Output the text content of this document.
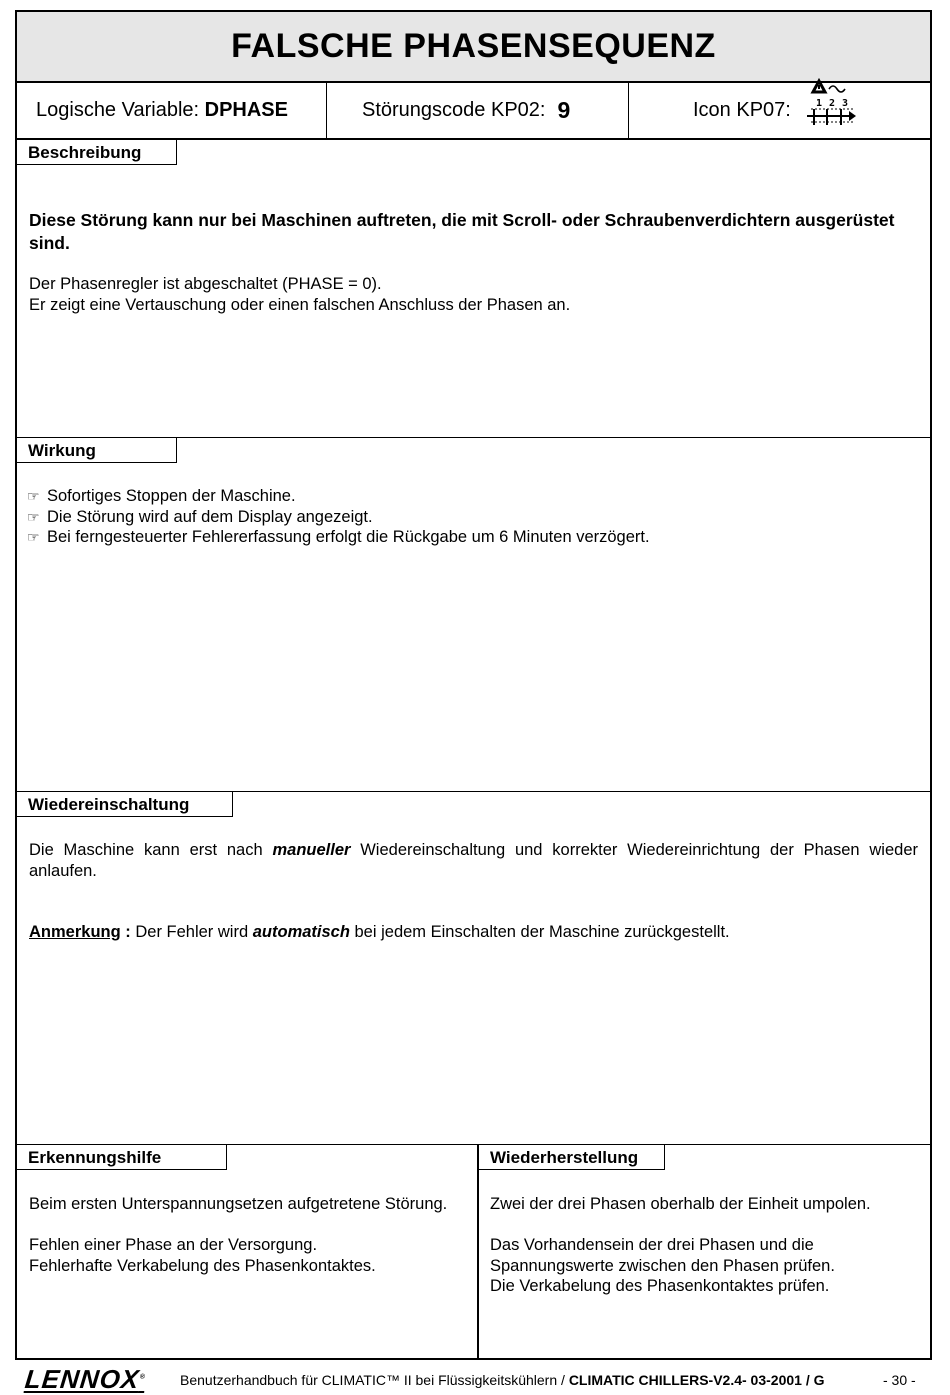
FALSCHE PHASENSEQUENZ
Logische Variable: DPHASE	Störungscode KP02: 9	Icon KP07:	1 2 3
Beschreibung
Diese Störung kann nur bei Maschinen auftreten, die mit Scroll- oder Schraubenverdichtern ausgerüstet sind.
Der Phasenregler ist abgeschaltet (PHASE = 0).
Er zeigt eine Vertauschung oder einen falschen Anschluss der Phasen an.
Wirkung
☞ Sofortiges Stoppen der Maschine.
☞ Die Störung wird auf dem Display angezeigt.
☞ Bei ferngesteuerter Fehlererfassung erfolgt die Rückgabe um 6 Minuten verzögert.
Wiedereinschaltung
Die Maschine kann erst nach manueller Wiedereinschaltung und korrekter Wiedereinrichtung der Phasen wieder anlaufen.
Anmerkung : Der Fehler wird automatisch bei jedem Einschalten der Maschine zurückgestellt.
Erkennungshilfe
Beim ersten Unterspannungsetzen aufgetretene Störung.
Fehlen einer Phase an der Versorgung.
Fehlerhafte Verkabelung des Phasenkontaktes.
Wiederherstellung
Zwei der drei Phasen oberhalb der Einheit umpolen.
Das Vorhandensein der drei Phasen und die Spannungswerte zwischen den Phasen prüfen.
Die Verkabelung des Phasenkontaktes prüfen.
LENNOX® Benutzerhandbuch für CLIMATIC™ II bei Flüssigkeitskühlern / CLIMATIC CHILLERS-V2.4- 03-2001 / G	- 30 -
